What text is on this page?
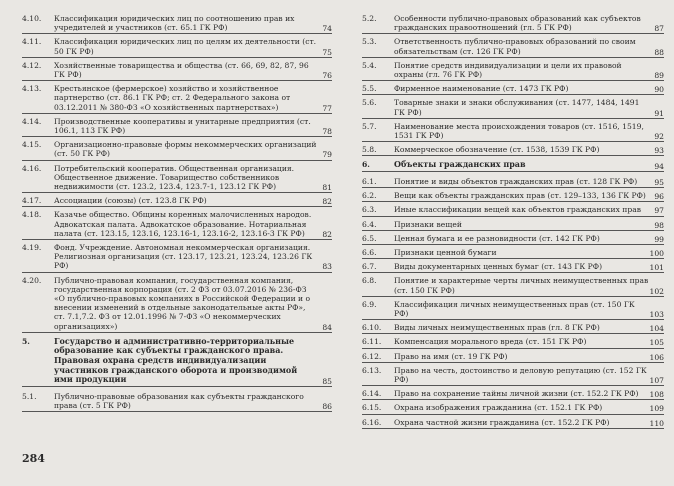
4.10. Классификация юридических лиц по соотношению прав их учредителей и участников (ст. 65.1 ГК РФ)	74
4.11. Классификация юридических лиц по целям их деятельности (ст. 50 ГК РФ)	75
4.12. Хозяйственные товарищества и общества (ст. 66, 69, 82, 87, 96 ГК РФ)	76
4.13. Крестьянское (фермерское) хозяйство и хозяйственное партнерство (ст. 86.1 ГК РФ; ст. 2 Федерального закона от 03.12.2011 № 380-ФЗ «О хозяйственных партнерствах»)	77
4.14. Производственные кооперативы и унитарные предприятия (ст. 106.1, 113 ГК РФ)	78
4.15. Организационно-правовые формы некоммерческих организаций (ст. 50 ГК РФ)	79
4.16. Потребительский кооператив. Общественная организация. Общественное движение. Товарищество собственников недвижимости (ст. 123.2, 123.4, 123.7-1, 123.12 ГК РФ)	81
4.17. Ассоциации (союзы) (ст. 123.8 ГК РФ)	82
4.18. Казачье общество. Общины коренных малочисленных народов. Адвокатская палата. Адвокатское образование. Нотариальная палата (ст. 123.15, 123.16, 123.16-1, 123.16-2, 123.16-3 ГК РФ)	82
4.19. Фонд. Учреждение. Автономная некоммерческая организация. Религиозная организация (ст. 123.17, 123.21, 123.24, 123.26 ГК РФ)	83
4.20. Публично-правовая компания, государственная компания, государственная корпорация (ст. 2 ФЗ от 03.07.2016 № 236-ФЗ «О публично-правовых компаниях в Российской Федерации и о внесении изменений в отдельные законодательные акты РФ», ст. 7.1,7.2. ФЗ от 12.01.1996 № 7-ФЗ «О некоммерческих организациях»)	84
5.	Государство и административно-территориальные образование как субъекты гражданского права. Правовая охрана средств индивидуализации участников гражданского оборота и производимой ими продукции	85
5.1. Публично-правовые образования как субъекты гражданского права (ст. 5 ГК РФ)	86
5.2. Особенности публично-правовых образований как субъектов гражданских правоотношений (гл. 5 ГК РФ)	87
5.3. Ответственность публично-правовых образований по своим обязательствам (ст. 126 ГК РФ)	88
5.4. Понятие средств индивидуализации и цели их правовой охраны (гл. 76 ГК РФ)	89
5.5. Фирменное наименование (ст. 1473 ГК РФ)	90
5.6. Товарные знаки и знаки обслуживания (ст. 1477, 1484, 1491 ГК РФ)	91
5.7. Наименование места происхождения товаров (ст. 1516, 1519, 1531 ГК РФ)	92
5.8. Коммерческое обозначение (ст. 1538, 1539 ГК РФ)	93
6.	Объекты гражданских прав	94
6.1. Понятие и виды объектов гражданских прав (ст. 128 ГК РФ)	95
6.2. Вещи как объекты гражданских прав (ст. 129–133, 136 ГК РФ)	96
6.3. Иные классификации вещей как объектов гражданских прав	97
6.4. Признаки вещей	98
6.5. Ценная бумага и ее разновидности (ст. 142 ГК РФ)	99
6.6. Признаки ценной бумаги	100
6.7. Виды документарных ценных бумаг (ст. 143 ГК РФ)	101
6.8. Понятие и характерные черты личных неимущественных прав (ст. 150 ГК РФ)	102
6.9. Классификация личных неимущественных прав (ст. 150 ГК РФ)	103
6.10. Виды личных неимущественных прав (гл. 8 ГК РФ)	104
6.11. Компенсация морального вреда (ст. 151 ГК РФ)	105
6.12. Право на имя (ст. 19 ГК РФ)	106
6.13. Право на честь, достоинство и деловую репутацию (ст. 152 ГК РФ)	107
6.14. Право на сохранение тайны личной жизни (ст. 152.2 ГК РФ)	108
6.15. Охрана изображения гражданина (ст. 152.1 ГК РФ)	109
6.16. Охрана частной жизни гражданина (ст. 152.2 ГК РФ)	110
284
